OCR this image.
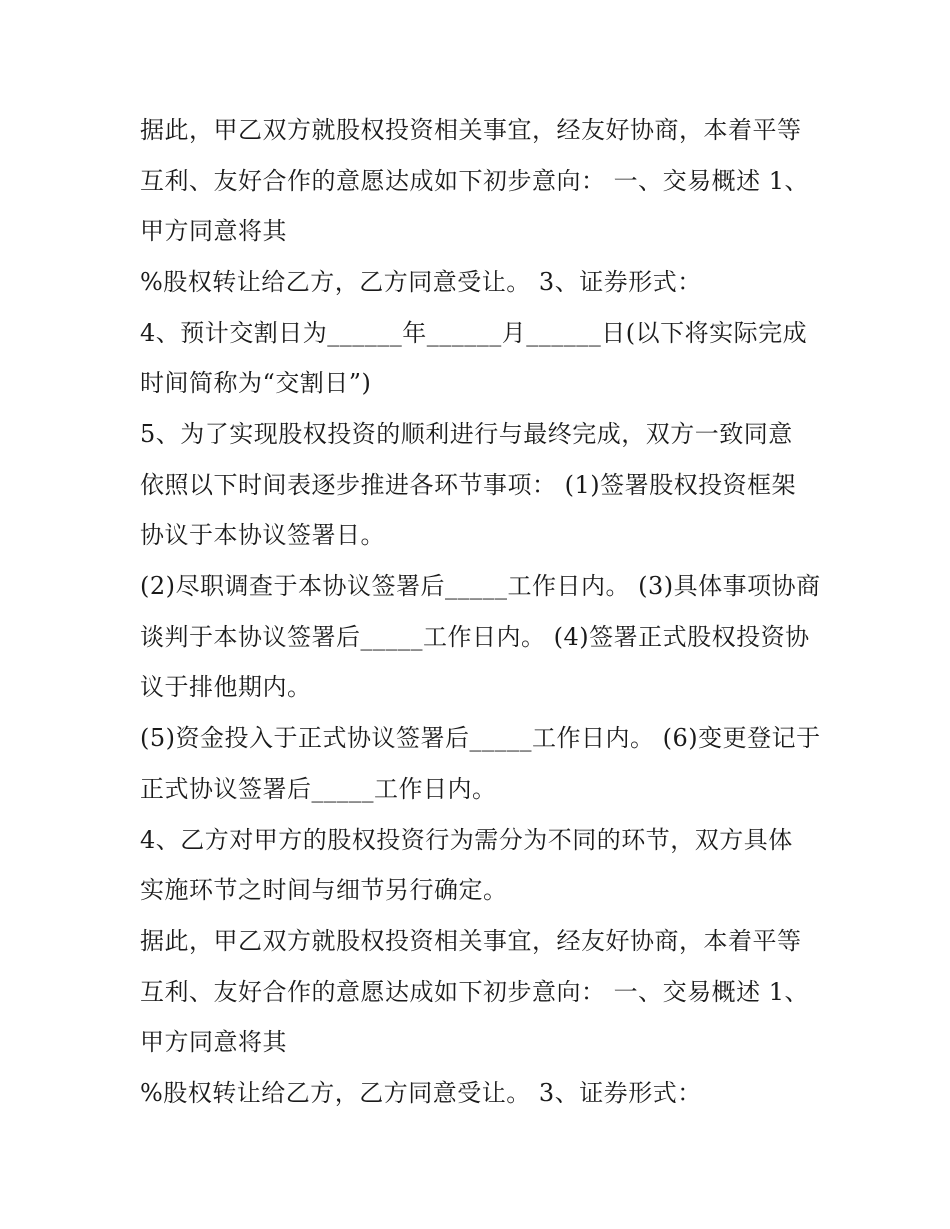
据此，甲乙双方就股权投资相关事宜，经友好协商，本着平等
互利、友好合作的意愿达成如下初步意向： 一、交易概述 1、
甲方同意将其
%股权转让给乙方，乙方同意受让。 3、证券形式：
4、预计交割日为______年______月______日(以下将实际完成
时间简称为“交割日”)
5、为了实现股权投资的顺利进行与最终完成，双方一致同意
依照以下时间表逐步推进各环节事项： (1)签署股权投资框架
协议于本协议签署日。
(2)尽职调查于本协议签署后_____工作日内。 (3)具体事项协商
谈判于本协议签署后_____工作日内。 (4)签署正式股权投资协
议于排他期内。
(5)资金投入于正式协议签署后_____工作日内。 (6)变更登记于
正式协议签署后_____工作日内。
4、乙方对甲方的股权投资行为需分为不同的环节，双方具体
实施环节之时间与细节另行确定。
据此，甲乙双方就股权投资相关事宜，经友好协商，本着平等
互利、友好合作的意愿达成如下初步意向： 一、交易概述 1、
甲方同意将其
%股权转让给乙方，乙方同意受让。 3、证券形式：
